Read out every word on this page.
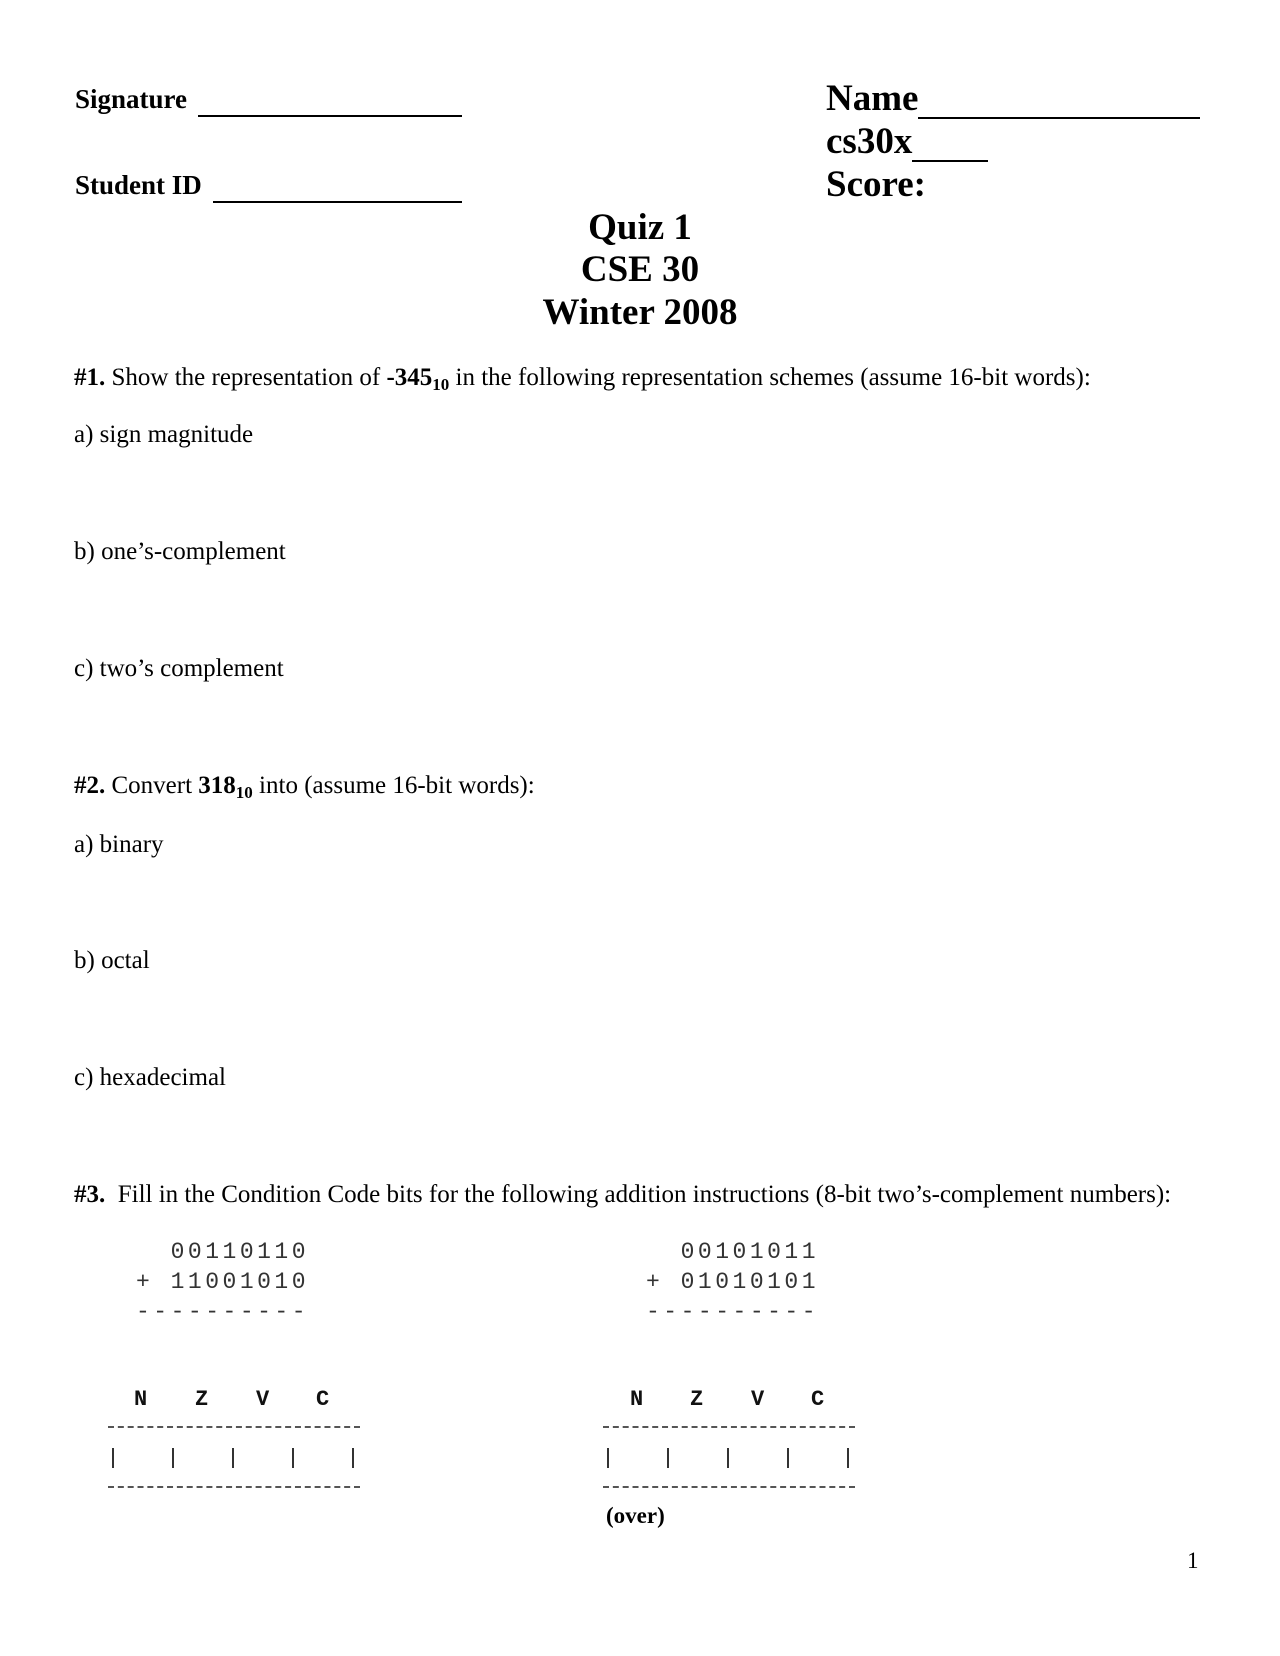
Signature
Student ID
Name
cs30x
Score:
Quiz 1
CSE 30
Winter 2008
#1. Show the representation of $-345_{10}$ in the following representation schemes (assume 16-bit words):
a) sign magnitude
b) one’s-complement
c) two’s complement
#2. Convert $318_{10}$ into (assume 16-bit words):
a) binary
b) octal
c) hexadecimal
#3. Fill in the Condition Code bits for the following addition instructions (8-bit two’s-complement numbers):
00110110
+ 11001010
----------
00101011
+ 01010101
----------
N Z V C	N Z V C
(over)
1
